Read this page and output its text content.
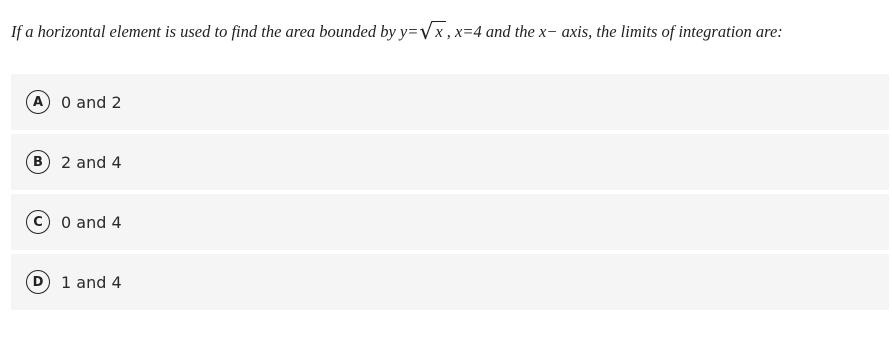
If a horizontal element is used to find the area bounded by y=√ x , x=4 and the x− axis, the limits of integration are:
A	0 and 2
B	2 and 4
C	0 and 4
D	1 and 4
